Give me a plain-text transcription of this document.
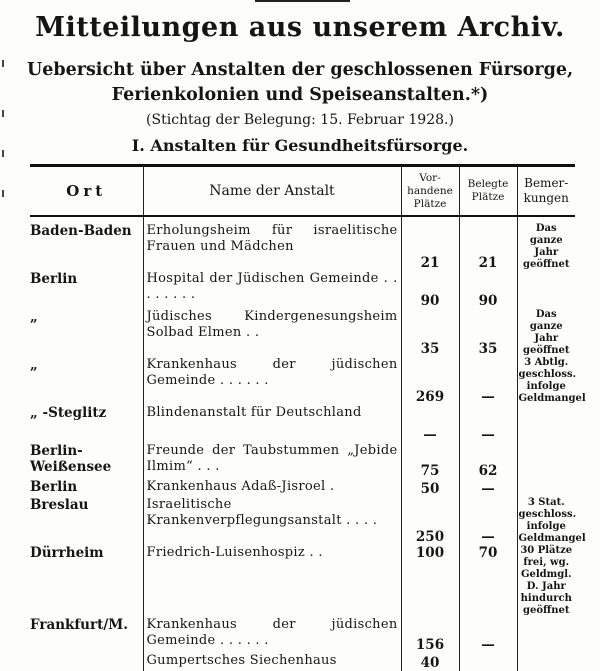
Mitteilungen aus unserem Archiv.
Uebersicht über Anstalten der geschlossenen Fürsorge,
Ferienkolonien und Speiseanstalten.*)
(Stichtag der Belegung: 15. Februar 1928.)
I. Anstalten für Gesundheitsfürsorge.
Ort	Name der Anstalt	Vor- handene Plätze	Belegte Plätze	Bemer- kungen
Baden-Baden	Erholungsheim für israelitische Frauen und Mädchen	21	21	Das ganze Jahr geöffnet
Berlin	Hospital der Jüdischen Gemeinde . . . . . . . .	90	90	
„	Jüdisches Kindergenesungsheim Solbad Elmen . .	35	35	Das ganze Jahr geöffnet
„	Krankenhaus der jüdischen Gemeinde . . . . . .	269	—	3 Abtlg. geschloss. infolge Geldmangel
„ -Steglitz	Blindenanstalt für Deutschland	—	—	
Berlin-Weißensee	Freunde der Taubstummen „Jebide Ilmim“ . . .	75	62	
Berlin	Krankenhaus Adaß-Jisroel .	50	—	
Breslau	Israelitische Krankenverpflegungsanstalt . . . .	250	—	3 Stat. geschloss. infolge Geldmangel
Dürrheim	Friedrich-Luisenhospiz . .	100	70	30 Plätze frei, wg. Geldmgl. D. Jahr hindurch geöffnet
Frankfurt/M.	Krankenhaus der jüdischen Gemeinde . . . . . .	156	—	
	Gumpertsches Siechenhaus	40		
